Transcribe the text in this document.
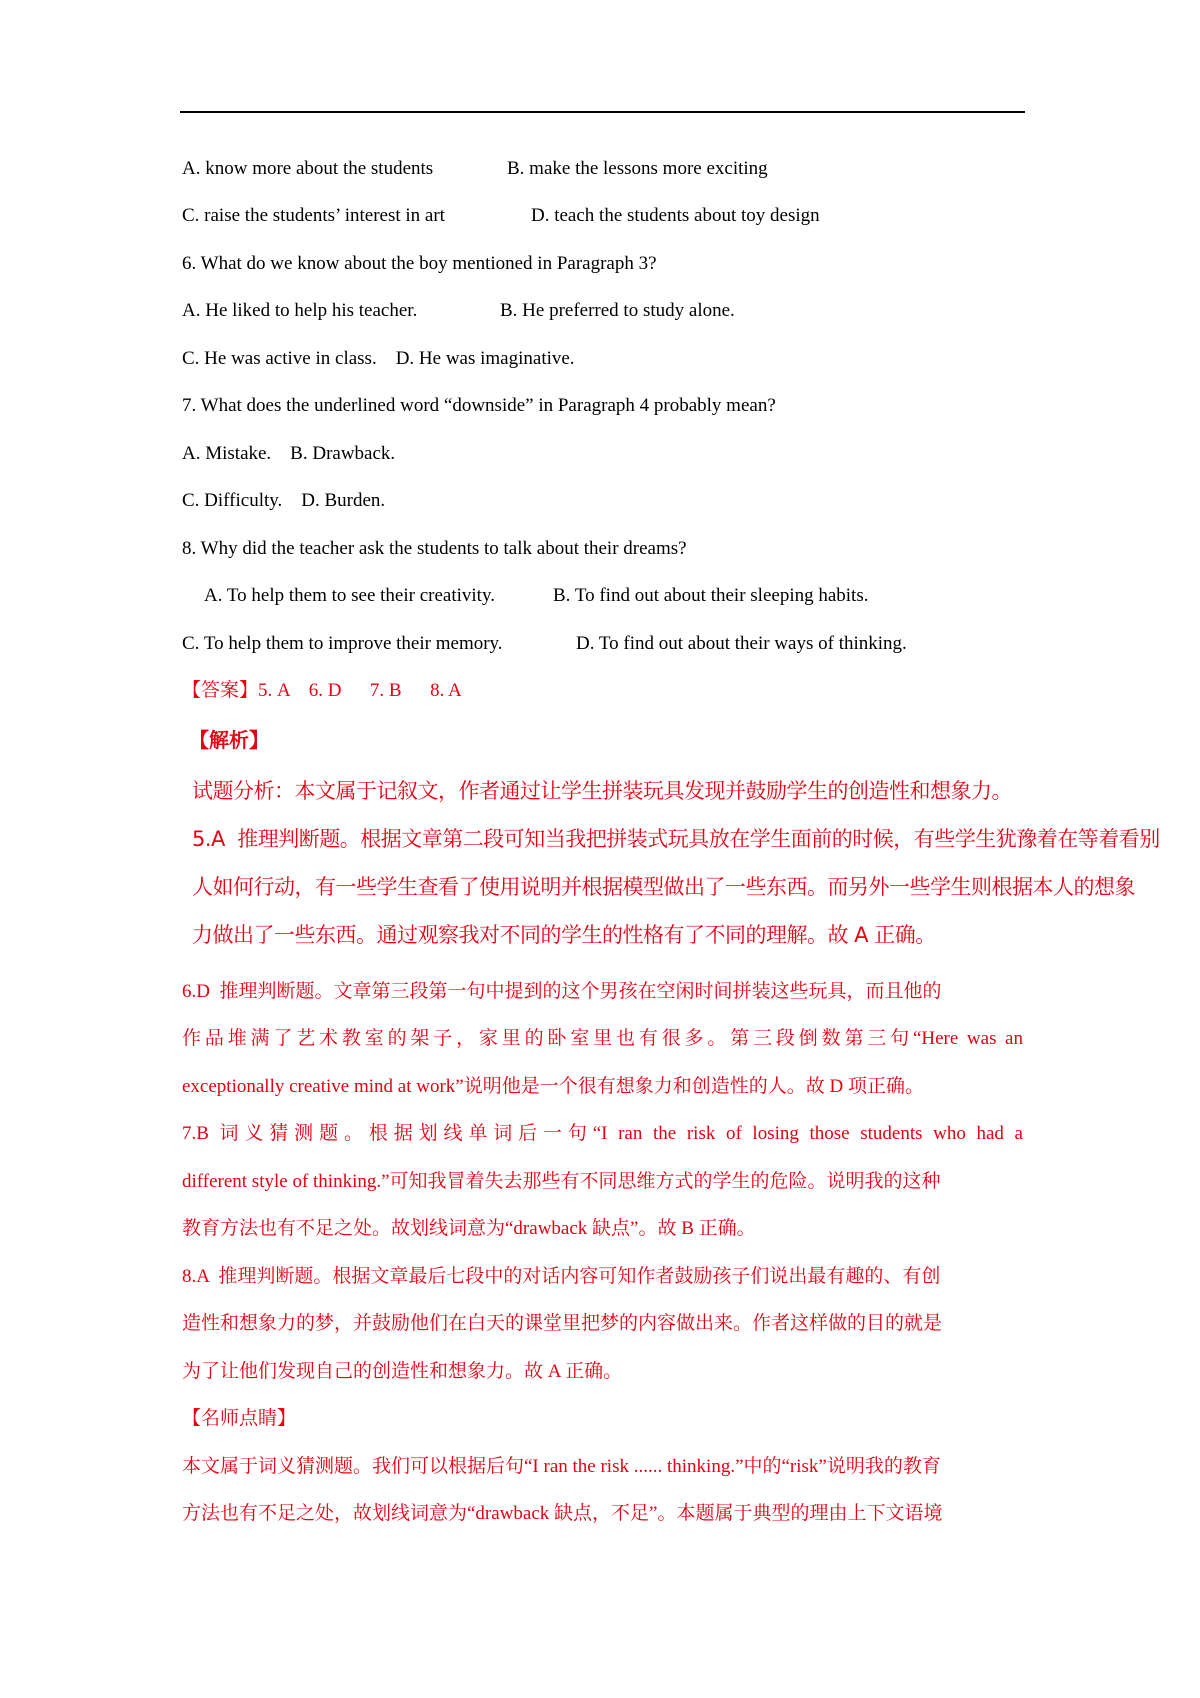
A. know more about the students	B. make the lessons more exciting
C. raise the students’ interest in art	D. teach the students about toy design
6. What do we know about the boy mentioned in Paragraph 3?
A. He liked to help his teacher.	B. He preferred to study alone.
C. He was active in class.    D. He was imaginative.
7. What does the underlined word “downside” in Paragraph 4 probably mean?
A. Mistake.    B. Drawback.
C. Difficulty.    D. Burden.
8. Why did the teacher ask the students to talk about their dreams?
A. To help them to see their creativity.	B. To find out about their sleeping habits.
C. To help them to improve their memory.	D. To find out about their ways of thinking.
【答案】5. A    6. D      7. B      8. A
【解析】
试题分析：本文属于记叙文，作者通过让学生拼装玩具发现并鼓励学生的创造性和想象力。
5.A  推理判断题。根据文章第二段可知当我把拼装式玩具放在学生面前的时候，有些学生犹豫着在等着看别
人如何行动，有一些学生查看了使用说明并根据模型做出了一些东西。而另外一些学生则根据本人的想象
力做出了一些东西。通过观察我对不同的学生的性格有了不同的理解。故 A 正确。
6.D  推理判断题。文章第三段第一句中提到的这个男孩在空闲时间拼装这些玩具，而且他的
作品堆满了艺术教室的架子，家里的卧室里也有很多。第三段倒数第三句“Here was an
exceptionally creative mind at work”说明他是一个很有想象力和创造性的人。故 D 项正确。
7.B 词义猜测题。根据划线单词后一句“I ran the risk of losing those students who had a
different style of thinking.”可知我冒着失去那些有不同思维方式的学生的危险。说明我的这种
教育方法也有不足之处。故划线词意为“drawback 缺点”。故 B 正确。
8.A  推理判断题。根据文章最后七段中的对话内容可知作者鼓励孩子们说出最有趣的、有创
造性和想象力的梦，并鼓励他们在白天的课堂里把梦的内容做出来。作者这样做的目的就是
为了让他们发现自己的创造性和想象力。故 A 正确。
【名师点睛】
本文属于词义猜测题。我们可以根据后句“I ran the risk ...... thinking.”中的“risk”说明我的教育
方法也有不足之处，故划线词意为“drawback 缺点，不足”。本题属于典型的理由上下文语境
